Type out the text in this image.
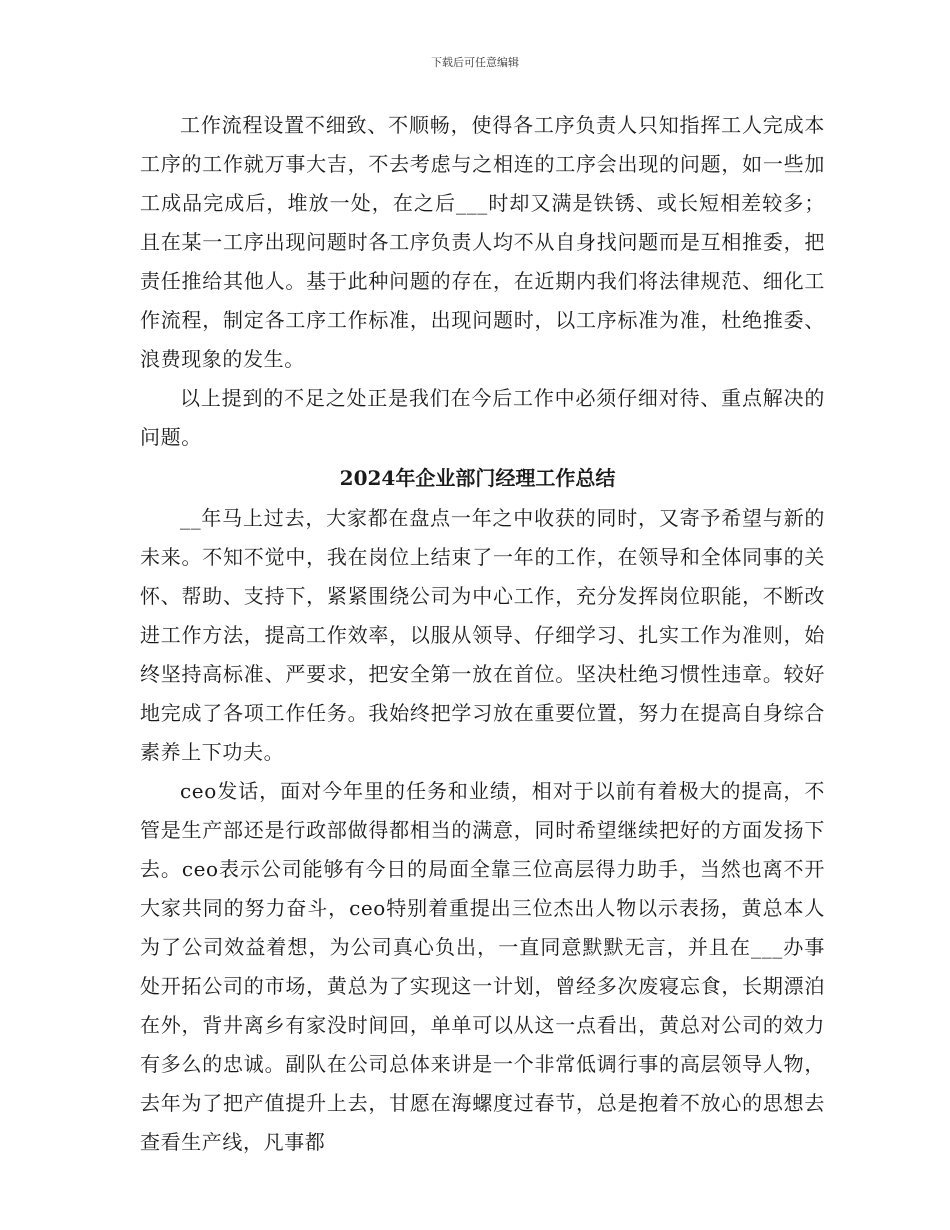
下载后可任意编辑

工作流程设置不细致、不顺畅，使得各工序负责人只知指挥工人完成本工序的工作就万事大吉，不去考虑与之相连的工序会出现的问题，如一些加工成品完成后，堆放一处，在之后___时却又满是铁锈、或长短相差较多；且在某一工序出现问题时各工序负责人均不从自身找问题而是互相推委，把责任推给其他人。基于此种问题的存在，在近期内我们将法律规范、细化工作流程，制定各工序工作标准，出现问题时，以工序标准为准，杜绝推委、浪费现象的发生。

以上提到的不足之处正是我们在今后工作中必须仔细对待、重点解决的问题。

2024年企业部门经理工作总结

__年马上过去，大家都在盘点一年之中收获的同时，又寄予希望与新的未来。不知不觉中，我在岗位上结束了一年的工作，在领导和全体同事的关怀、帮助、支持下，紧紧围绕公司为中心工作，充分发挥岗位职能，不断改进工作方法，提高工作效率，以服从领导、仔细学习、扎实工作为准则，始终坚持高标准、严要求，把安全第一放在首位。坚决杜绝习惯性违章。较好地完成了各项工作任务。我始终把学习放在重要位置，努力在提高自身综合素养上下功夫。

ceo发话，面对今年里的任务和业绩，相对于以前有着极大的提高，不管是生产部还是行政部做得都相当的满意，同时希望继续把好的方面发扬下去。ceo表示公司能够有今日的局面全靠三位高层得力助手，当然也离不开大家共同的努力奋斗，ceo特别着重提出三位杰出人物以示表扬，黄总本人为了公司效益着想，为公司真心负出，一直同意默默无言，并且在___办事处开拓公司的市场，黄总为了实现这一计划，曾经多次废寝忘食，长期漂泊在外，背井离乡有家没时间回，单单可以从这一点看出，黄总对公司的效力有多么的忠诚。副队在公司总体来讲是一个非常低调行事的高层领导人物，去年为了把产值提升上去，甘愿在海螺度过春节，总是抱着不放心的思想去查看生产线，凡事都
